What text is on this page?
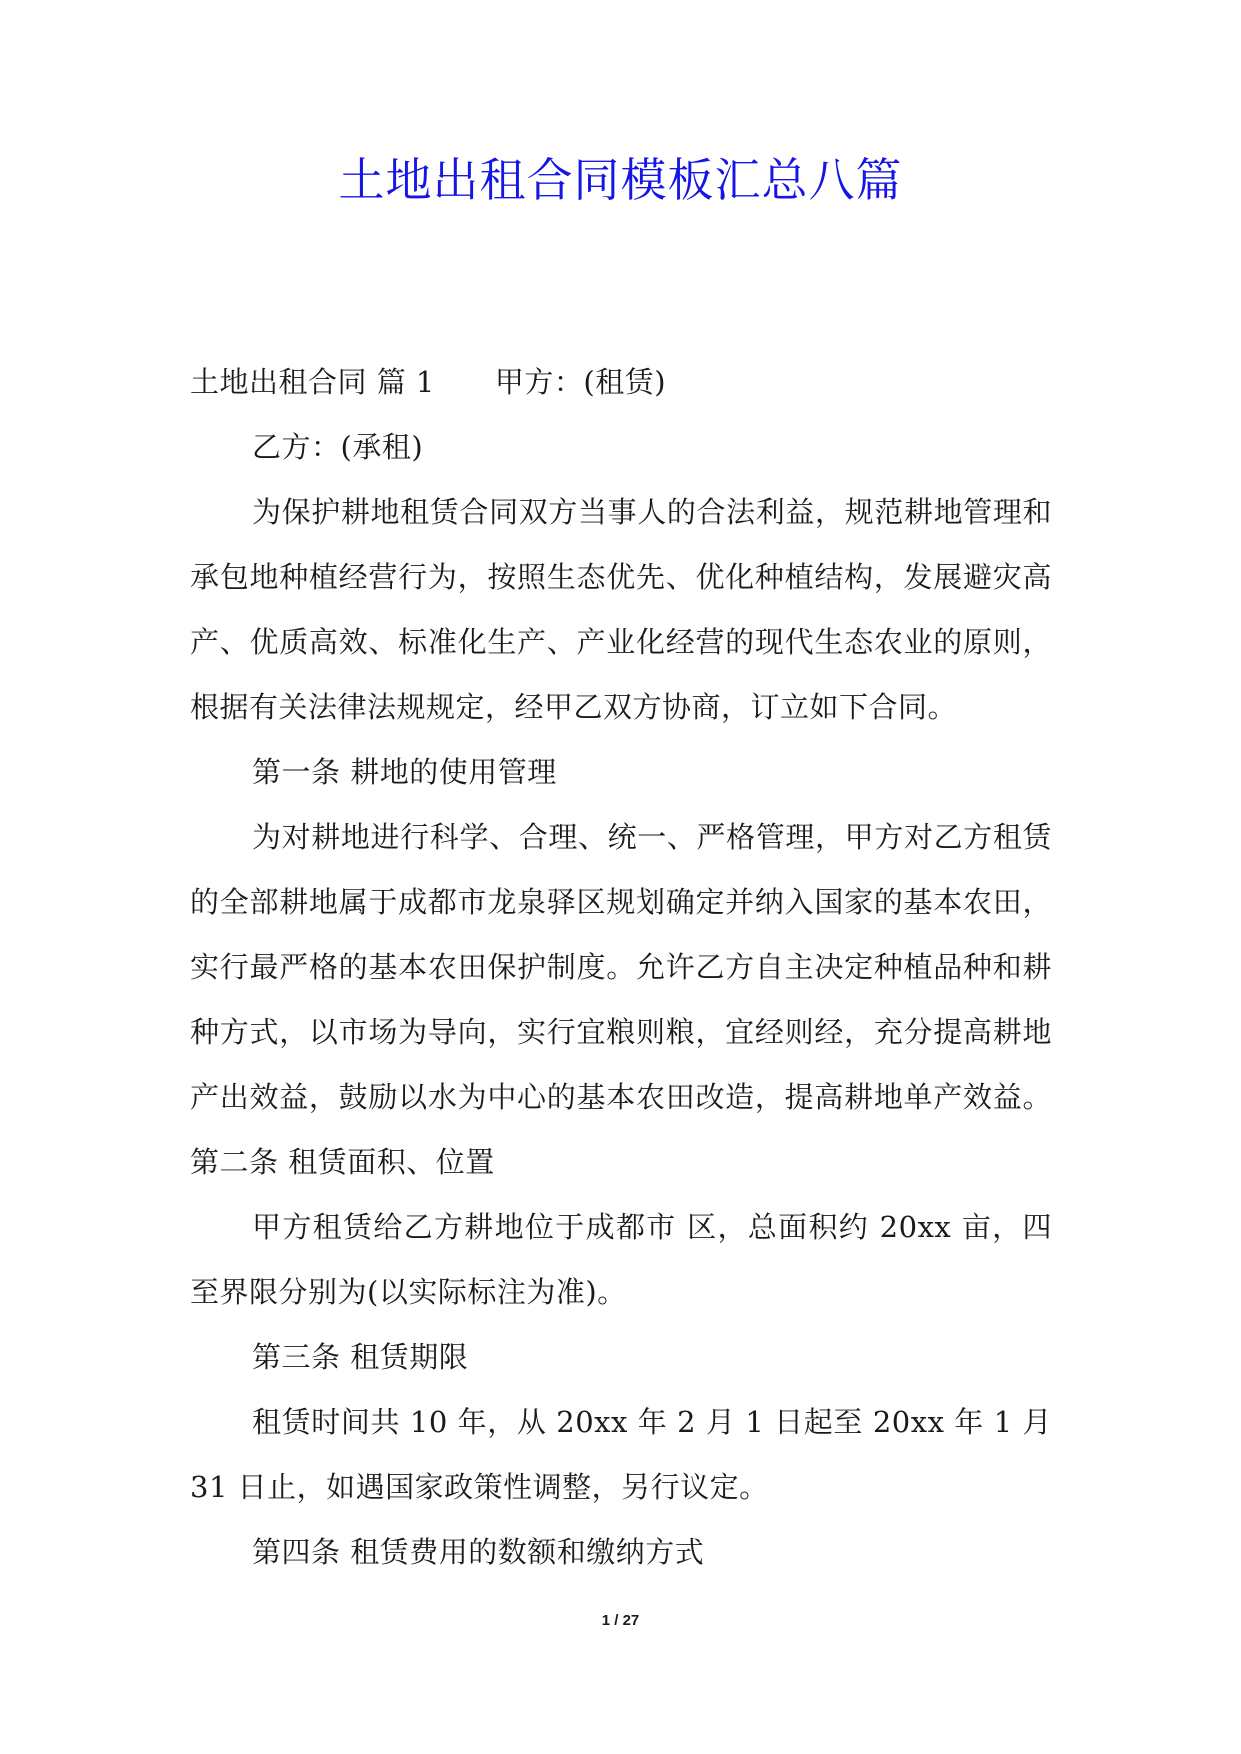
土地出租合同模板汇总八篇

土地出租合同 篇 1 甲方：(租赁)

乙方：(承租)

为保护耕地租赁合同双方当事人的合法利益，规范耕地管理和承包地种植经营行为，按照生态优先、优化种植结构，发展避灾高产、优质高效、标准化生产、产业化经营的现代生态农业的原则，根据有关法律法规规定，经甲乙双方协商，订立如下合同。

第一条 耕地的使用管理

为对耕地进行科学、合理、统一、严格管理，甲方对乙方租赁的全部耕地属于成都市龙泉驿区规划确定并纳入国家的基本农田，实行最严格的基本农田保护制度。允许乙方自主决定种植品种和耕种方式，以市场为导向，实行宜粮则粮，宜经则经，充分提高耕地产出效益，鼓励以水为中心的基本农田改造，提高耕地单产效益。第二条 租赁面积、位置

甲方租赁给乙方耕地位于成都市 区，总面积约 20xx 亩，四至界限分别为(以实际标注为准)。

第三条 租赁期限

租赁时间共 10 年，从 20xx 年 2 月 1 日起至 20xx 年 1 月 31 日止，如遇国家政策性调整，另行议定。

第四条 租赁费用的数额和缴纳方式

1 / 27
